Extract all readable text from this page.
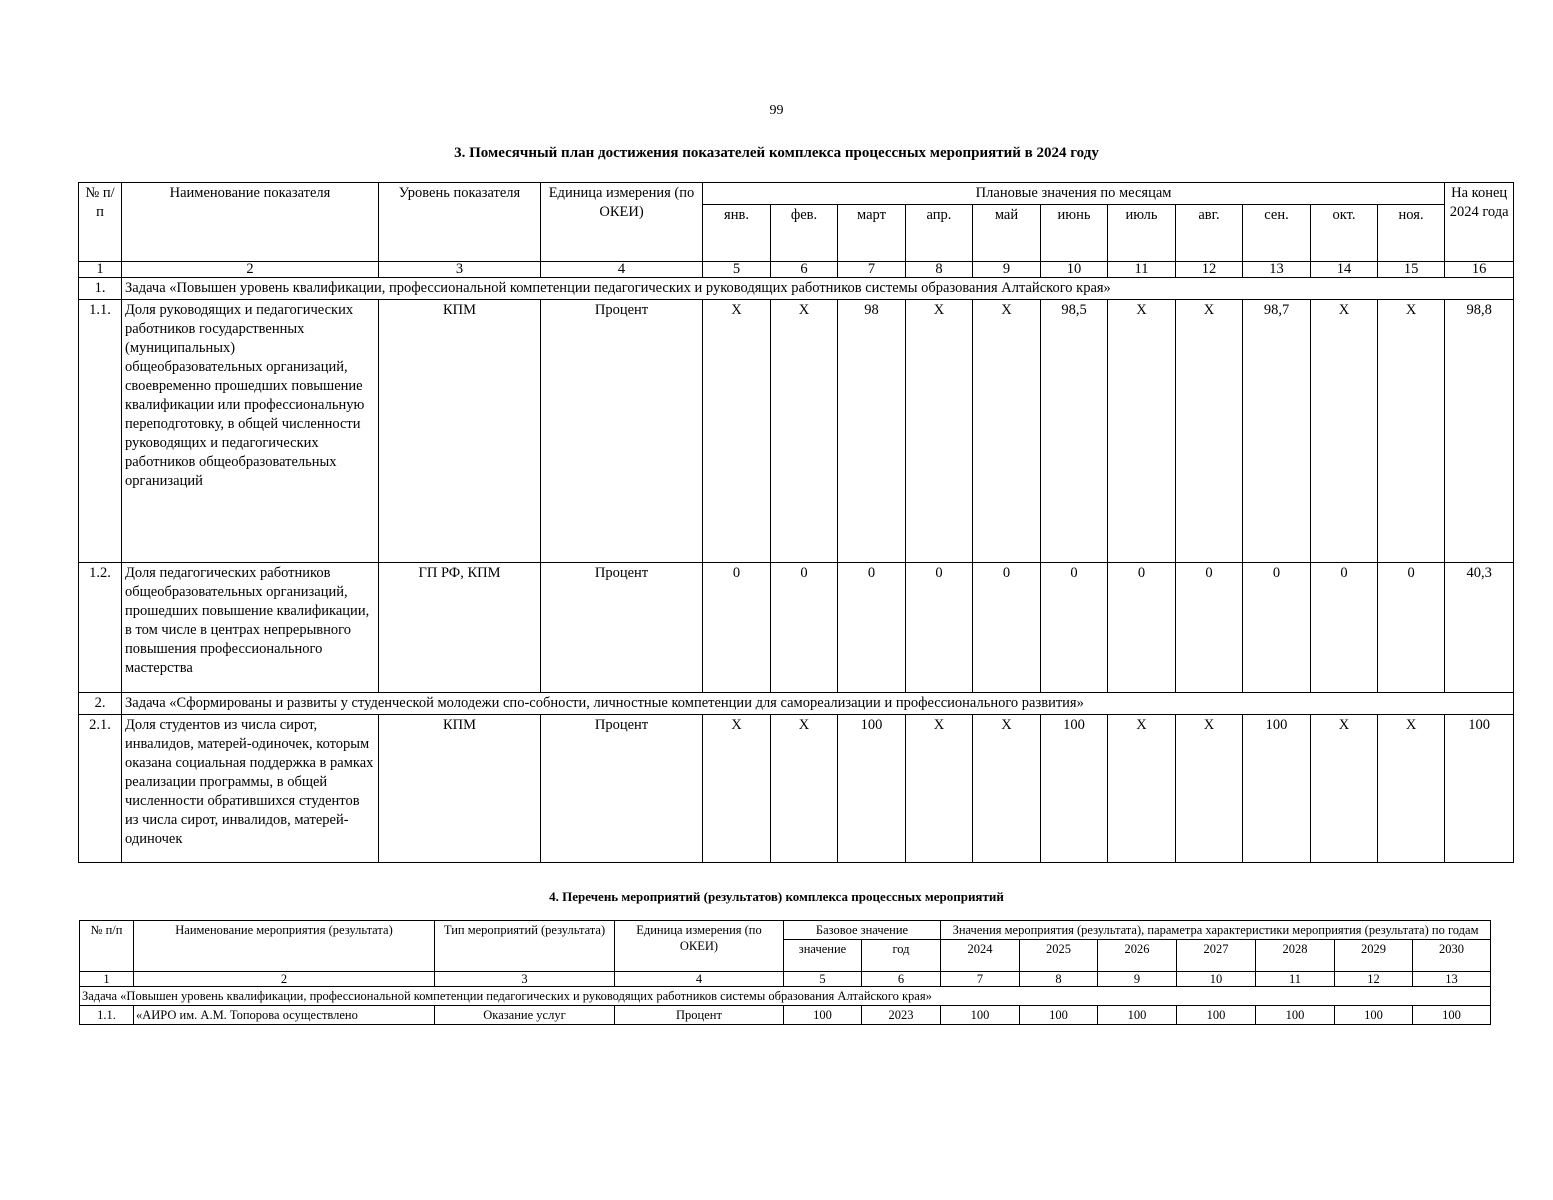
99
3. Помесячный план достижения показателей комплекса процессных мероприятий в 2024 году
№ п/п	Наименование показателя	Уровень показателя	Единица измерения (по ОКЕИ)	Плановые значения по месяцам											На конец 2024 года
				янв.	фев.	март	апр.	май	июнь	июль	авг.	сен.	окт.	ноя.	
1	2	3	4	5	6	7	8	9	10	11	12	13	14	15	16
1.	Задача «Повышен уровень квалификации, профессиональной компетенции педагогических и руководящих работников системы образования Алтайского края»														
1.1.	Доля руководящих и педагогических работников государственных (муниципальных) общеобразовательных организаций, своевременно прошедших повышение квалификации или профессиональную переподготовку, в общей численности руководящих и педагогических работников общеобразовательных организаций	КПМ	Процент	Х	Х	98	Х	Х	98,5	Х	Х	98,7	Х	Х	98,8
1.2.	Доля педагогических работников общеобразовательных организаций, прошедших повышение квалификации, в том числе в центрах непрерывного повышения профессионального мастерства	ГП РФ, КПМ	Процент	0	0	0	0	0	0	0	0	0	0	0	40,3
2.	Задача «Сформированы и развиты у студенческой молодежи спо-собности, личностные компетенции для самореализации и профессионального развития»														
2.1.	Доля студентов из числа сирот, инвалидов, матерей-одиночек, которым оказана социальная поддержка в рамках реализации программы, в общей численности обратившихся студентов из числа сирот, инвалидов, матерей-одиночек	КПМ	Процент	Х	Х	100	Х	Х	100	Х	Х	100	Х	Х	100
4. Перечень мероприятий (результатов) комплекса процессных мероприятий
№ п/п	Наименование мероприятия (результата)	Тип мероприятий (результата)	Единица измерения (по ОКЕИ)	Базовое значение		Значения мероприятия (результата), параметра характеристики мероприятия (результата) по годам						
				значение	год	2024	2025	2026	2027	2028	2029	2030
1	2	3	4	5	6	7	8	9	10	11	12	13
Задача «Повышен уровень квалификации, профессиональной компетенции педагогических и руководящих работников системы образования Алтайского края»												
1.1.	«АИРО им. А.М. Топорова осуществлено	Оказание услуг	Процент	100	2023	100	100	100	100	100	100	100
